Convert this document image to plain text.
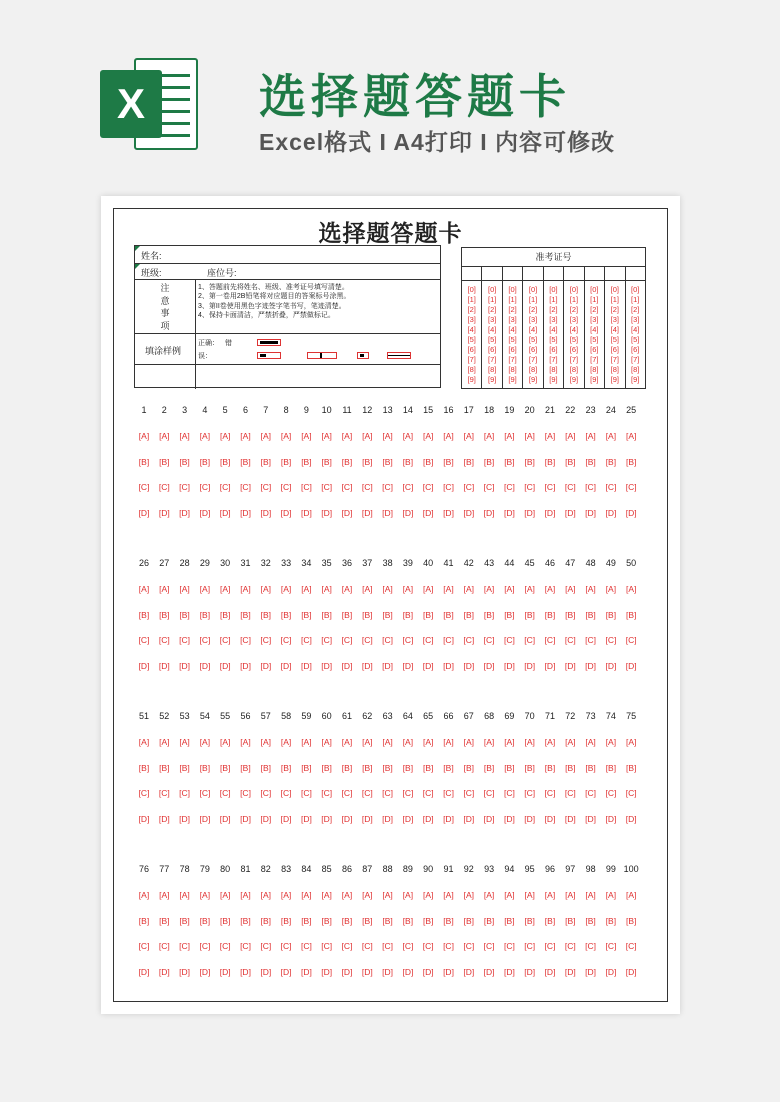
X	选择题答题卡
Excel格式 I A4打印 I 内容可修改
选择题答题卡
姓名:
班级:	座位号:
注
意
事
项
1、答题前先将姓名、班级、准考证号填写清楚。
2、第一卷用2B铅笔将对应题目的答案标号涂黑。
3、第II卷使用黑色字迹签字笔书写，笔迹清楚。
4、保持卡面清洁，严禁折叠，严禁做标记。
填涂样例
正确： 错
误：
准考证号
[0]
[1]
[2]
[3]
[4]
[5]
[6]
[7]
[8]
[9]
[0]
[1]
[2]
[3]
[4]
[5]
[6]
[7]
[8]
[9]
[0]
[1]
[2]
[3]
[4]
[5]
[6]
[7]
[8]
[9]
[0]
[1]
[2]
[3]
[4]
[5]
[6]
[7]
[8]
[9]
[0]
[1]
[2]
[3]
[4]
[5]
[6]
[7]
[8]
[9]
[0]
[1]
[2]
[3]
[4]
[5]
[6]
[7]
[8]
[9]
[0]
[1]
[2]
[3]
[4]
[5]
[6]
[7]
[8]
[9]
[0]
[1]
[2]
[3]
[4]
[5]
[6]
[7]
[8]
[9]
[0]
[1]
[2]
[3]
[4]
[5]
[6]
[7]
[8]
[9]
1
[A]
[B]
[C]
[D]
2
[A]
[B]
[C]
[D]
3
[A]
[B]
[C]
[D]
4
[A]
[B]
[C]
[D]
5
[A]
[B]
[C]
[D]
6
[A]
[B]
[C]
[D]
7
[A]
[B]
[C]
[D]
8
[A]
[B]
[C]
[D]
9
[A]
[B]
[C]
[D]
10
[A]
[B]
[C]
[D]
11
[A]
[B]
[C]
[D]
12
[A]
[B]
[C]
[D]
13
[A]
[B]
[C]
[D]
14
[A]
[B]
[C]
[D]
15
[A]
[B]
[C]
[D]
16
[A]
[B]
[C]
[D]
17
[A]
[B]
[C]
[D]
18
[A]
[B]
[C]
[D]
19
[A]
[B]
[C]
[D]
20
[A]
[B]
[C]
[D]
21
[A]
[B]
[C]
[D]
22
[A]
[B]
[C]
[D]
23
[A]
[B]
[C]
[D]
24
[A]
[B]
[C]
[D]
25
[A]
[B]
[C]
[D]
26
[A]
[B]
[C]
[D]
27
[A]
[B]
[C]
[D]
28
[A]
[B]
[C]
[D]
29
[A]
[B]
[C]
[D]
30
[A]
[B]
[C]
[D]
31
[A]
[B]
[C]
[D]
32
[A]
[B]
[C]
[D]
33
[A]
[B]
[C]
[D]
34
[A]
[B]
[C]
[D]
35
[A]
[B]
[C]
[D]
36
[A]
[B]
[C]
[D]
37
[A]
[B]
[C]
[D]
38
[A]
[B]
[C]
[D]
39
[A]
[B]
[C]
[D]
40
[A]
[B]
[C]
[D]
41
[A]
[B]
[C]
[D]
42
[A]
[B]
[C]
[D]
43
[A]
[B]
[C]
[D]
44
[A]
[B]
[C]
[D]
45
[A]
[B]
[C]
[D]
46
[A]
[B]
[C]
[D]
47
[A]
[B]
[C]
[D]
48
[A]
[B]
[C]
[D]
49
[A]
[B]
[C]
[D]
50
[A]
[B]
[C]
[D]
51
[A]
[B]
[C]
[D]
52
[A]
[B]
[C]
[D]
53
[A]
[B]
[C]
[D]
54
[A]
[B]
[C]
[D]
55
[A]
[B]
[C]
[D]
56
[A]
[B]
[C]
[D]
57
[A]
[B]
[C]
[D]
58
[A]
[B]
[C]
[D]
59
[A]
[B]
[C]
[D]
60
[A]
[B]
[C]
[D]
61
[A]
[B]
[C]
[D]
62
[A]
[B]
[C]
[D]
63
[A]
[B]
[C]
[D]
64
[A]
[B]
[C]
[D]
65
[A]
[B]
[C]
[D]
66
[A]
[B]
[C]
[D]
67
[A]
[B]
[C]
[D]
68
[A]
[B]
[C]
[D]
69
[A]
[B]
[C]
[D]
70
[A]
[B]
[C]
[D]
71
[A]
[B]
[C]
[D]
72
[A]
[B]
[C]
[D]
73
[A]
[B]
[C]
[D]
74
[A]
[B]
[C]
[D]
75
[A]
[B]
[C]
[D]
76
[A]
[B]
[C]
[D]
77
[A]
[B]
[C]
[D]
78
[A]
[B]
[C]
[D]
79
[A]
[B]
[C]
[D]
80
[A]
[B]
[C]
[D]
81
[A]
[B]
[C]
[D]
82
[A]
[B]
[C]
[D]
83
[A]
[B]
[C]
[D]
84
[A]
[B]
[C]
[D]
85
[A]
[B]
[C]
[D]
86
[A]
[B]
[C]
[D]
87
[A]
[B]
[C]
[D]
88
[A]
[B]
[C]
[D]
89
[A]
[B]
[C]
[D]
90
[A]
[B]
[C]
[D]
91
[A]
[B]
[C]
[D]
92
[A]
[B]
[C]
[D]
93
[A]
[B]
[C]
[D]
94
[A]
[B]
[C]
[D]
95
[A]
[B]
[C]
[D]
96
[A]
[B]
[C]
[D]
97
[A]
[B]
[C]
[D]
98
[A]
[B]
[C]
[D]
99
[A]
[B]
[C]
[D]
100
[A]
[B]
[C]
[D]
